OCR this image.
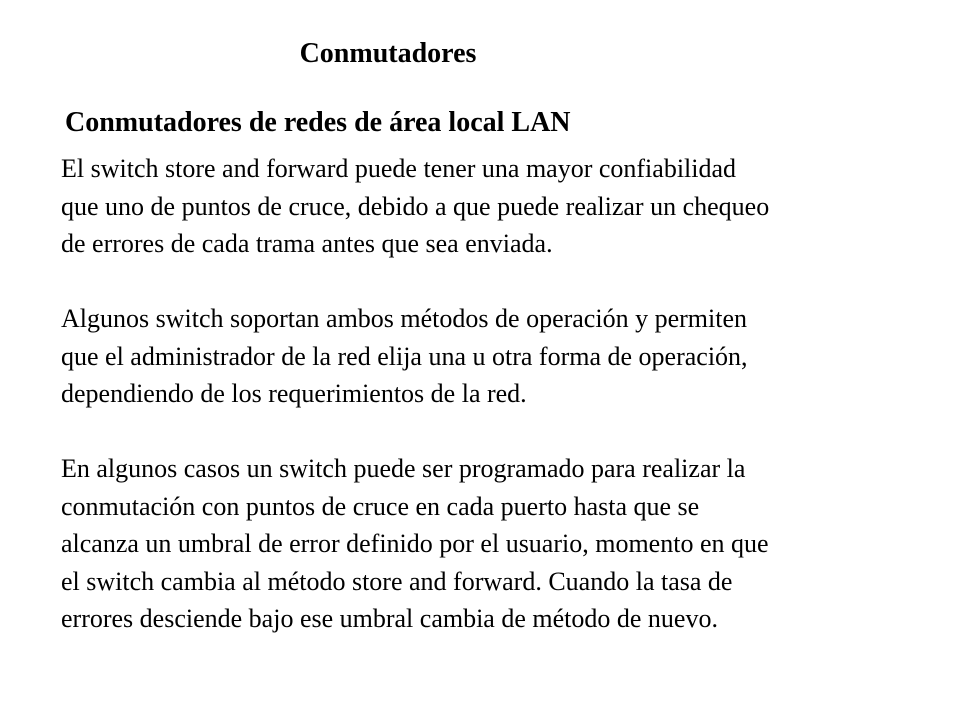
Conmutadores
Conmutadores de redes de área local LAN
El switch store and forward puede tener una mayor confiabilidad
que uno de puntos de cruce, debido a que puede realizar un chequeo
de errores de cada trama antes que sea enviada.
Algunos switch soportan ambos métodos de operación y permiten
que el administrador de la red elija una u otra forma de operación,
dependiendo de los requerimientos de la red.
En algunos casos un switch puede ser programado para realizar la
conmutación con puntos de cruce en cada puerto hasta que se
alcanza un umbral de error definido por el usuario, momento en que
el switch cambia al método store and forward. Cuando la tasa de
errores desciende bajo ese umbral cambia de método de nuevo.
